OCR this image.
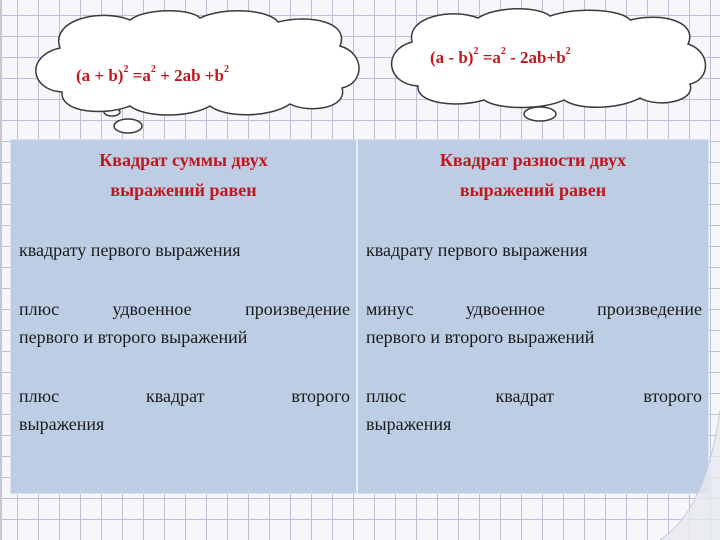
$(a + b)^2 =a^2 + 2ab +b^2$
$(a - b)^2 =a^2 - 2ab+b^2$
Квадрат суммы двух
выражений равен
квадрату первого выражения
плюс удвоенное произведение
первого и второго выражений
плюс квадрат второго
выражения
Квадрат разности двух
выражений равен
квадрату первого выражения
минус удвоенное произведение
первого и второго выражений
плюс квадрат второго
выражения
